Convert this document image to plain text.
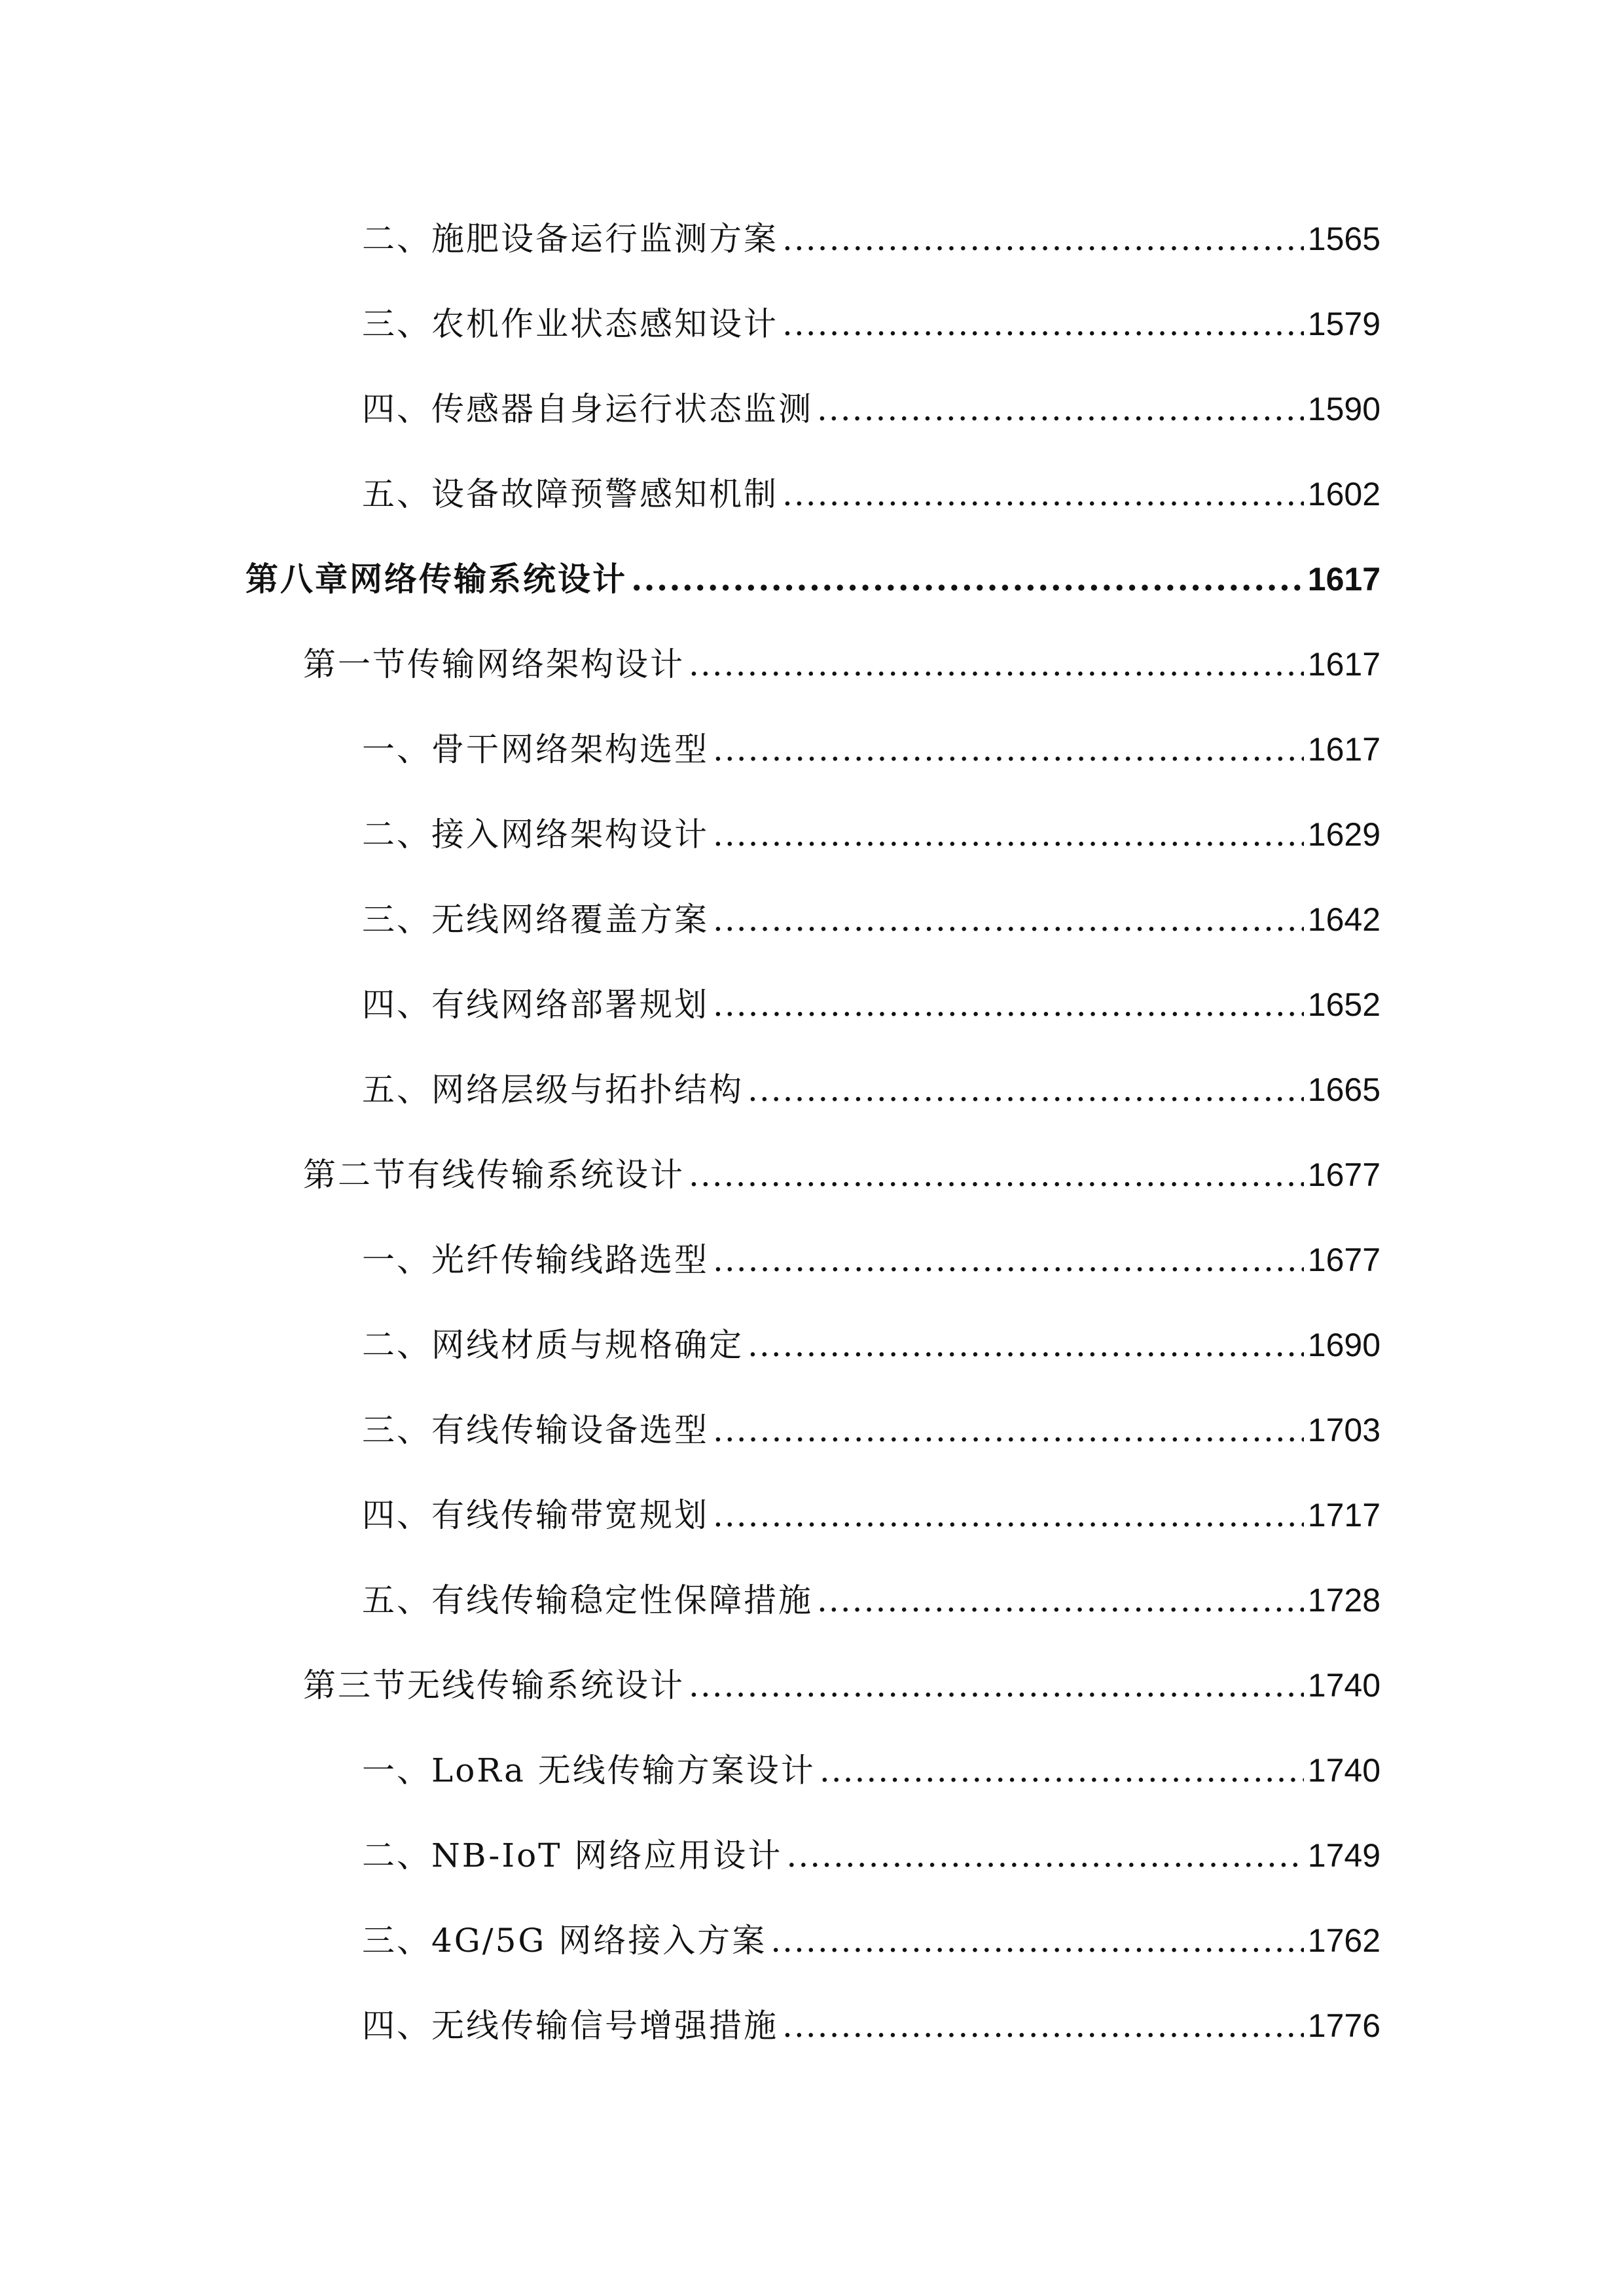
二、施肥设备运行监测方案 .....	1565
三、农机作业状态感知设计 .....	1579
四、传感器自身运行状态监测 .....	1590
五、设备故障预警感知机制 .....	1602
第八章网络传输系统设计 .....	1617
第一节传输网络架构设计 .....	1617
一、骨干网络架构选型 .....	1617
二、接入网络架构设计 .....	1629
三、无线网络覆盖方案 .....	1642
四、有线网络部署规划 .....	1652
五、网络层级与拓扑结构 .....	1665
第二节有线传输系统设计 .....	1677
一、光纤传输线路选型 .....	1677
二、网线材质与规格确定 .....	1690
三、有线传输设备选型 .....	1703
四、有线传输带宽规划 .....	1717
五、有线传输稳定性保障措施 .....	1728
第三节无线传输系统设计 .....	1740
一、LoRa 无线传输方案设计 .....	1740
二、NB-IoT 网络应用设计 .....	1749
三、4G/5G 网络接入方案 .....	1762
四、无线传输信号增强措施 .....	1776
